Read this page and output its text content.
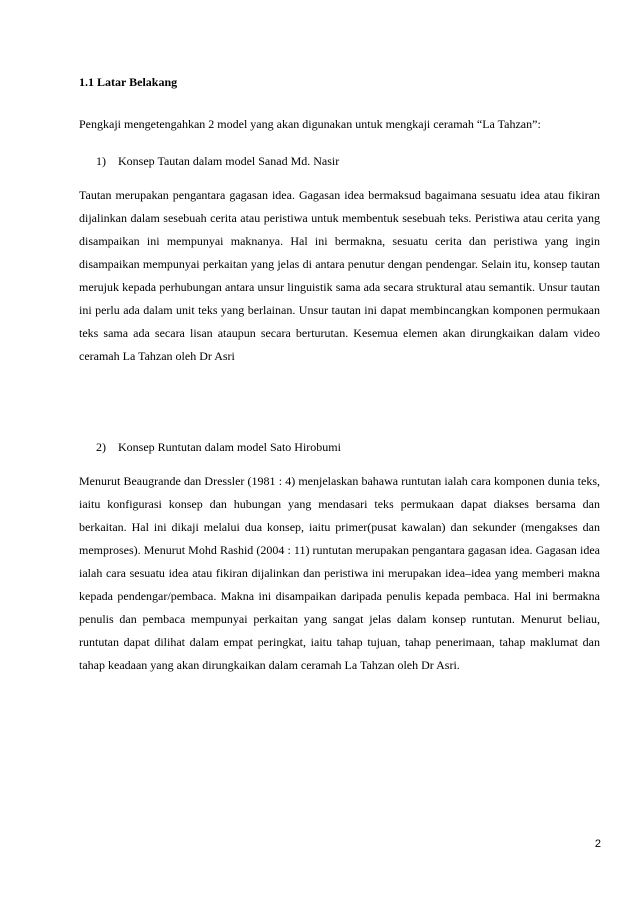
1.1 Latar Belakang

Pengkaji mengetengahkan 2 model yang akan digunakan untuk mengkaji ceramah “La Tahzan”:

1) Konsep Tautan dalam model Sanad Md. Nasir

Tautan merupakan pengantara gagasan idea. Gagasan idea bermaksud bagaimana sesuatu idea atau fikiran dijalinkan dalam sesebuah cerita atau peristiwa untuk membentuk sesebuah teks. Peristiwa atau cerita yang disampaikan ini mempunyai maknanya. Hal ini bermakna, sesuatu cerita dan peristiwa yang ingin disampaikan mempunyai perkaitan yang jelas di antara penutur dengan pendengar. Selain itu, konsep tautan merujuk kepada perhubungan antara unsur linguistik sama ada secara struktural atau semantik. Unsur tautan ini perlu ada dalam unit teks yang berlainan. Unsur tautan ini dapat membincangkan komponen permukaan teks sama ada secara lisan ataupun secara berturutan. Kesemua elemen akan dirungkaikan dalam video ceramah La Tahzan oleh Dr Asri

2) Konsep Runtutan dalam model Sato Hirobumi

Menurut Beaugrande dan Dressler (1981 : 4) menjelaskan bahawa runtutan ialah cara komponen dunia teks, iaitu konfigurasi konsep dan hubungan yang mendasari teks permukaan dapat diakses bersama dan berkaitan. Hal ini dikaji melalui dua konsep, iaitu primer(pusat kawalan) dan sekunder (mengakses dan memproses). Menurut Mohd Rashid (2004 : 11) runtutan merupakan pengantara gagasan idea. Gagasan idea ialah cara sesuatu idea atau fikiran dijalinkan dan peristiwa ini merupakan idea–idea yang memberi makna kepada pendengar/pembaca. Makna ini disampaikan daripada penulis kepada pembaca. Hal ini bermakna penulis dan pembaca mempunyai perkaitan yang sangat jelas dalam konsep runtutan. Menurut beliau, runtutan dapat dilihat dalam empat peringkat, iaitu tahap tujuan, tahap penerimaan, tahap maklumat dan tahap keadaan yang akan dirungkaikan dalam ceramah La Tahzan oleh Dr Asri.

2
